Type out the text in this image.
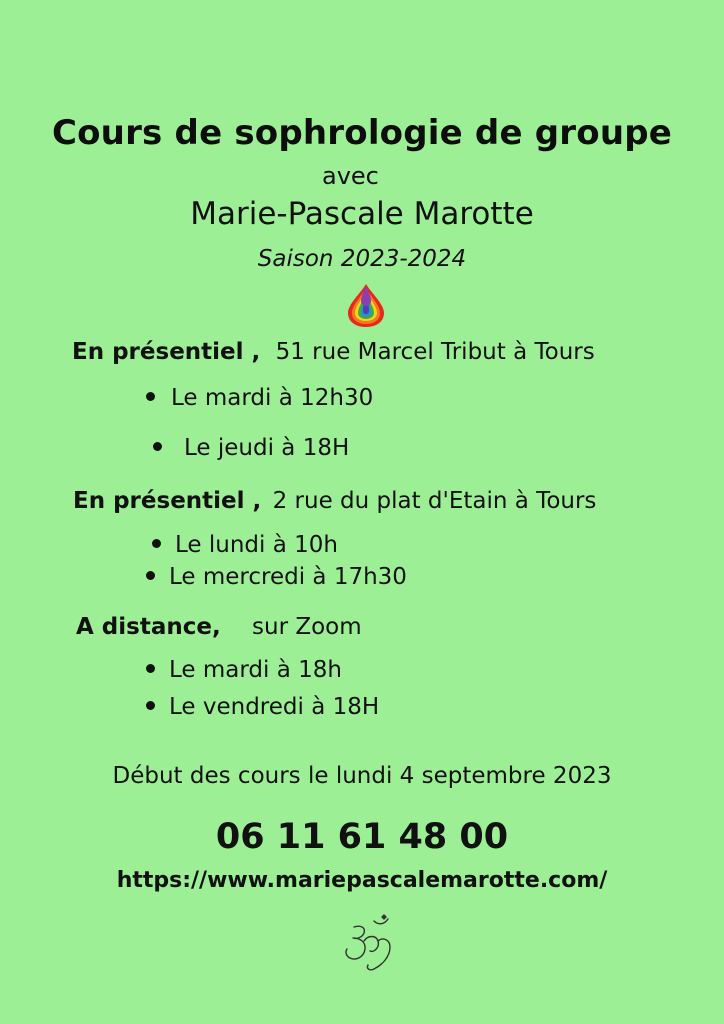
Cours de sophrologie de groupe
avec
Marie-Pascale Marotte
Saison 2023-2024
En présentiel , 51 rue Marcel Tribut à Tours
Le mardi à 12h30
Le jeudi à 18H
En présentiel , 2 rue du plat d'Etain à Tours
Le lundi à 10h
Le mercredi à 17h30
A distance, sur Zoom
Le mardi à 18h
Le vendredi à 18H
Début des cours le lundi 4 septembre 2023
06 11 61 48 00
https://www.mariepascalemarotte.com/
